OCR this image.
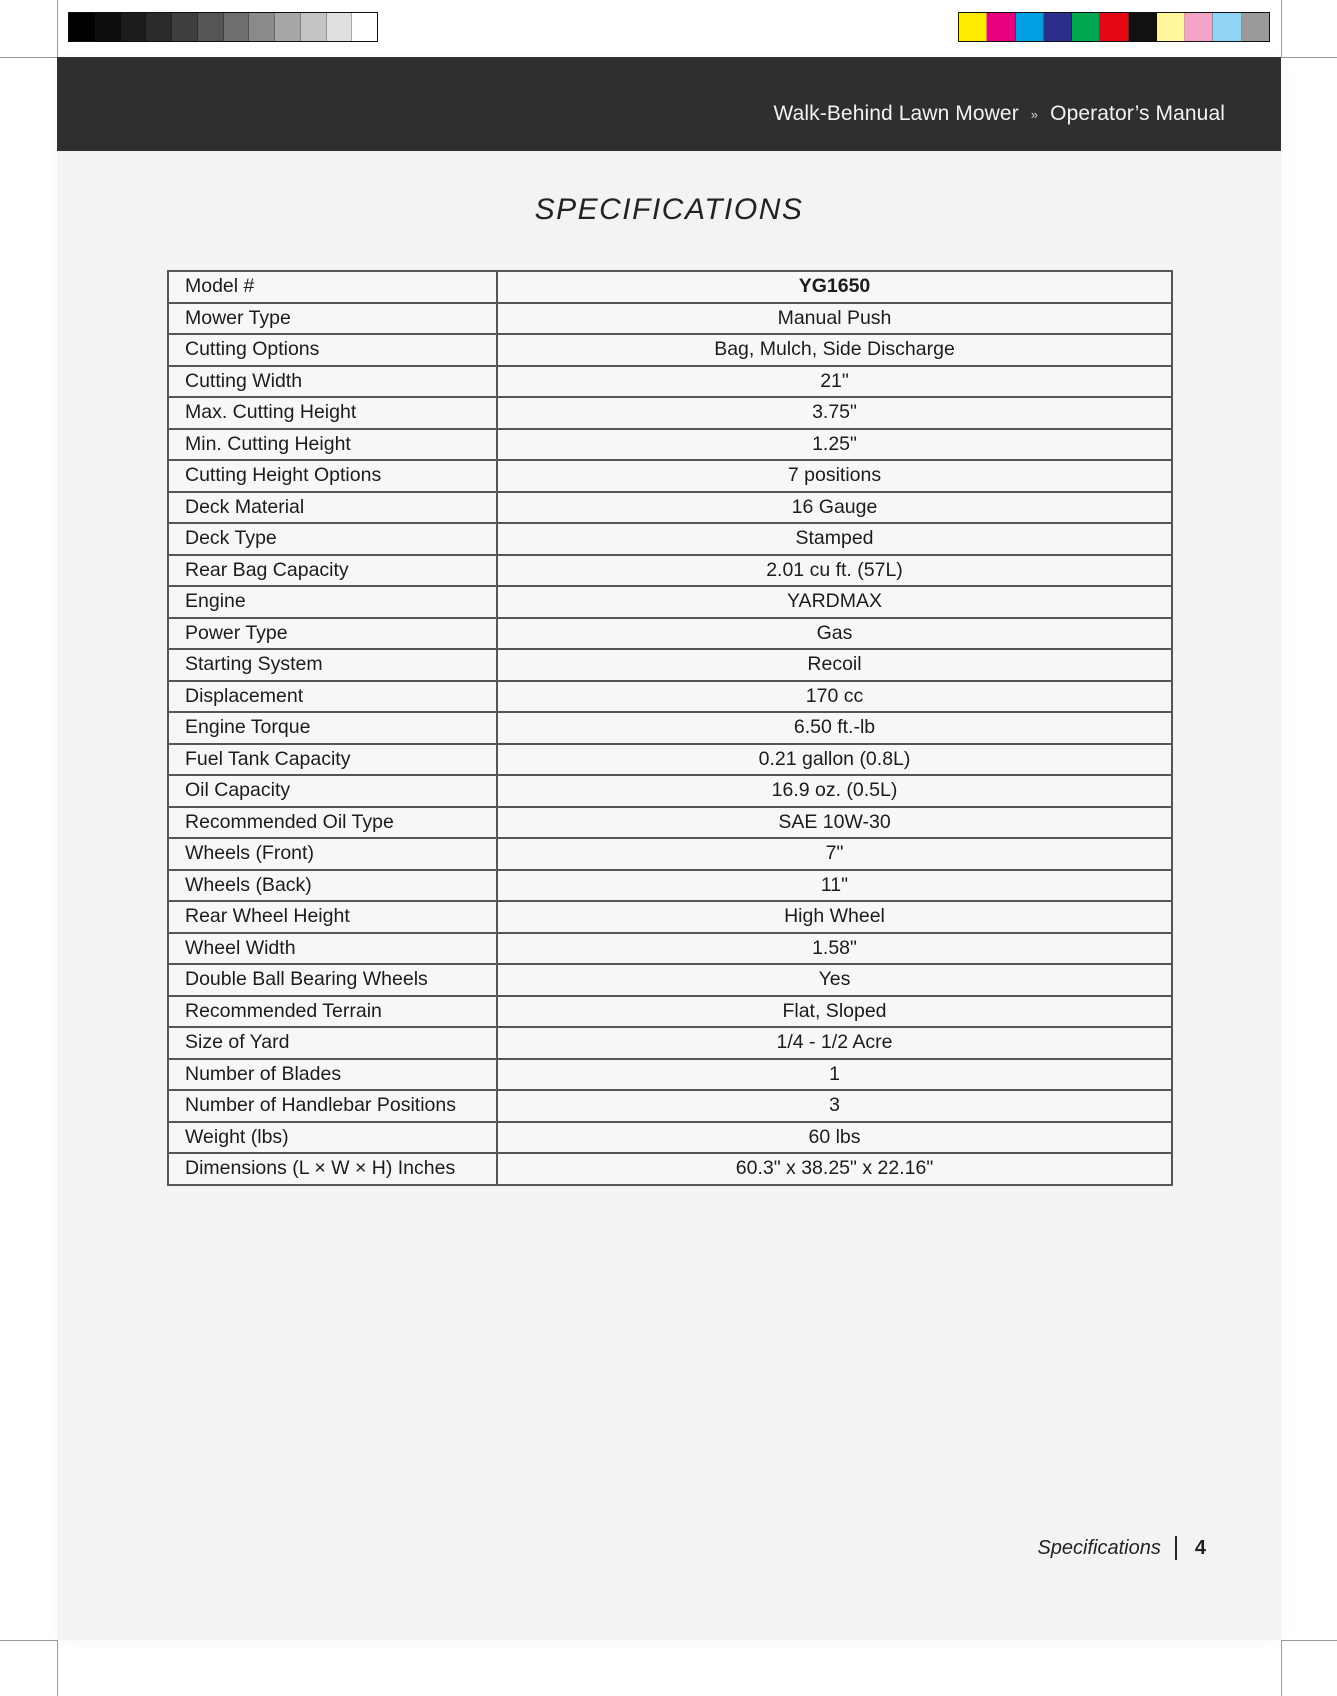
Walk-Behind Lawn Mower » Operator’s Manual
SPECIFICATIONS
Model #	YG1650
Mower Type	Manual Push
Cutting Options	Bag, Mulch, Side Discharge
Cutting Width	21"
Max. Cutting Height	3.75"
Min. Cutting Height	1.25"
Cutting Height Options	7 positions
Deck Material	16 Gauge
Deck Type	Stamped
Rear Bag Capacity	2.01 cu ft. (57L)
Engine	YARDMAX
Power Type	Gas
Starting System	Recoil
Displacement	170 cc
Engine Torque	6.50 ft.-lb
Fuel Tank Capacity	0.21 gallon (0.8L)
Oil Capacity	16.9 oz. (0.5L)
Recommended Oil Type	SAE 10W-30
Wheels (Front)	7"
Wheels (Back)	11"
Rear Wheel Height	High Wheel
Wheel Width	1.58"
Double Ball Bearing Wheels	Yes
Recommended Terrain	Flat, Sloped
Size of Yard	1/4 - 1/2 Acre
Number of Blades	1
Number of Handlebar Positions	3
Weight (lbs)	60 lbs
Dimensions (L × W × H) Inches	60.3" x 38.25" x 22.16"
Specifications 4
